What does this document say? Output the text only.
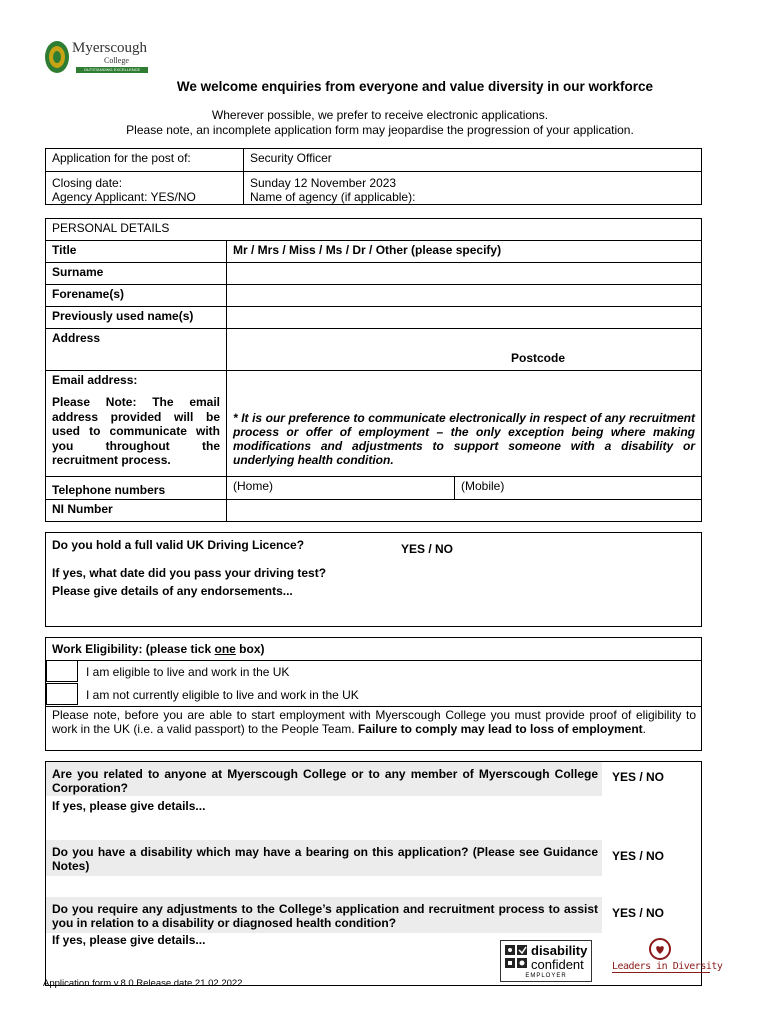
Myerscough
College
OUTSTANDING EXCELLENCE
We welcome enquiries from everyone and value diversity in our workforce
Wherever possible, we prefer to receive electronic applications.
Please note, an incomplete application form may jeopardise the progression of your application.
Application for the post of:	Security Officer
Closing date:	Sunday 12 November 2023
Agency Applicant: YES/NO	Name of agency (if applicable):
PERSONAL DETAILS		
Title	Mr / Mrs / Miss / Ms / Dr / Other (please specify)	
Surname		
Forename(s)		
Previously used name(s)		
Address	Postcode	

Email address:
Please Note: The email address provided will be used to communicate with you throughout the recruitment process.	* It is our preference to communicate electronically in respect of any recruitment process or offer of employment – the only exception being where making modifications and adjustments to support someone with a disability or underlying health condition.	

Telephone numbers	(Home)	(Mobile)
NI Number		
Do you hold a full valid UK Driving Licence?	YES / NO
If yes, what date did you pass your driving test?
Please give details of any endorsements...
Work Eligibility: (please tick one box)
I am eligible to live and work in the UK
I am not currently eligible to live and work in the UK
Please note, before you are able to start employment with Myerscough College you must provide proof of eligibility to work in the UK (i.e. a valid passport) to the People Team. Failure to comply may lead to loss of employment.
Are you related to anyone at Myerscough College or to any member of Myerscough College Corporation?
YES / NO
If yes, please give details...
Do you have a disability which may have a bearing on this application? (Please see Guidance Notes)
YES / NO
Do you require any adjustments to the College’s application and recruitment process to assist you in relation to a disability or diagnosed health condition?
YES / NO
If yes, please give details...
disability
confident
EMPLOYER
Leaders in Diversity
Application form v.8.0 Release date 21.02.2022
